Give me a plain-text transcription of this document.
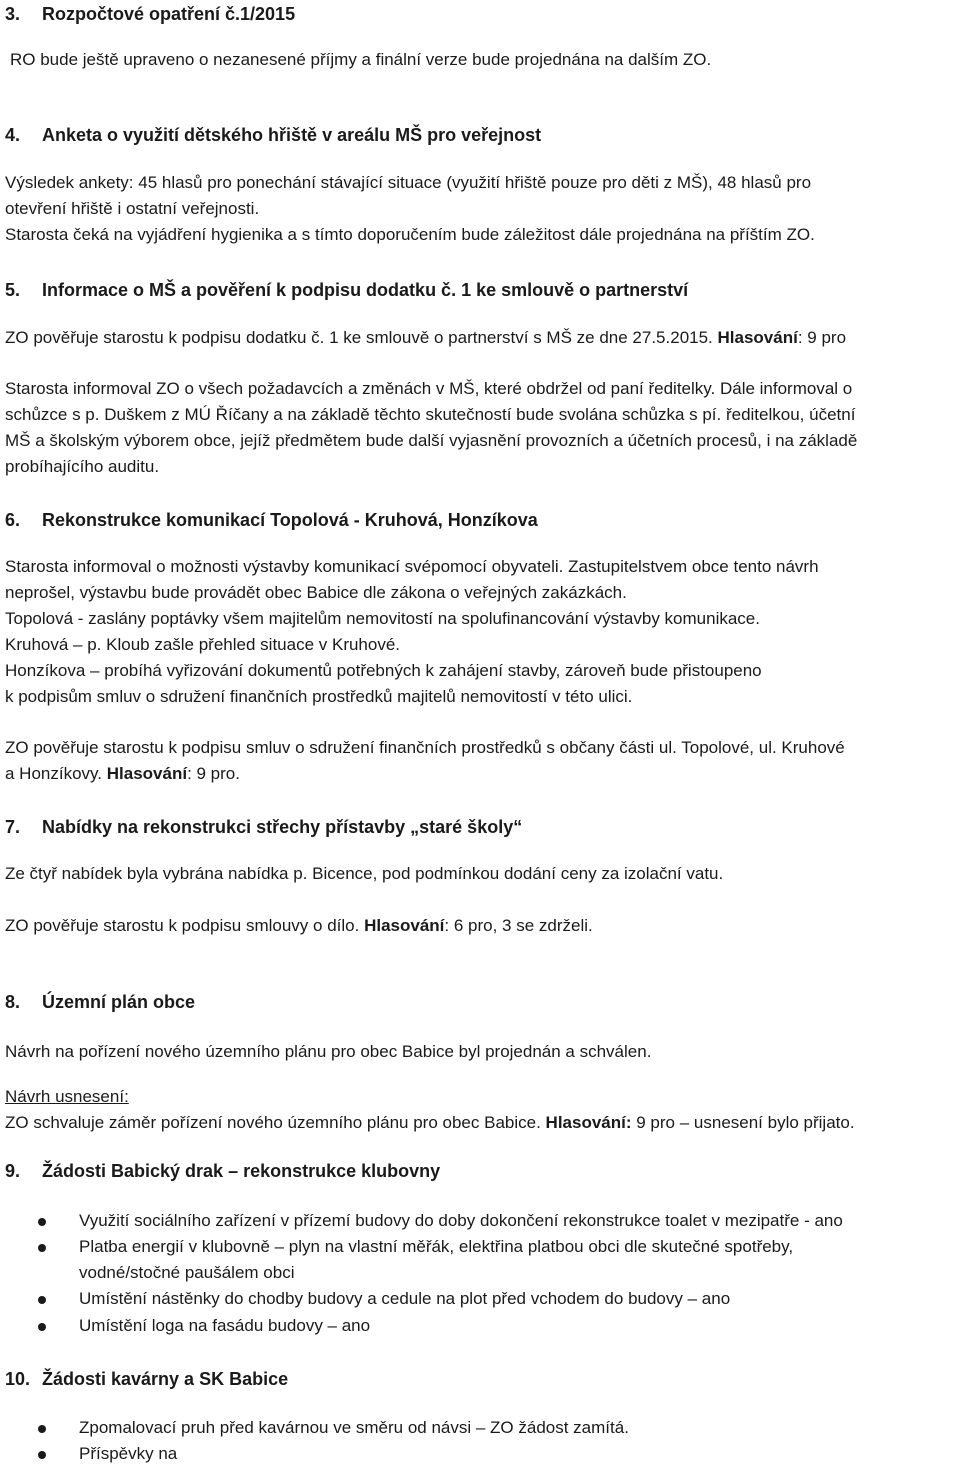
3. Rozpočtové opatření č.1/2015
RO bude ještě upraveno o nezanesené příjmy a finální verze bude projednána na dalším ZO.
4. Anketa o využití dětského hřiště v areálu MŠ pro veřejnost
Výsledek ankety: 45 hlasů pro ponechání stávající situace (využití hřiště pouze pro děti z MŠ), 48 hlasů pro
otevření hřiště i ostatní veřejnosti.
Starosta čeká na vyjádření hygienika a s tímto doporučením bude záležitost dále projednána na příštím ZO.
5. Informace o MŠ a pověření k podpisu dodatku č. 1 ke smlouvě o partnerství
ZO pověřuje starostu k podpisu dodatku č. 1 ke smlouvě o partnerství s MŠ ze dne 27.5.2015. Hlasování: 9 pro
Starosta informoval ZO o všech požadavcích a změnách v MŠ, které obdržel od paní ředitelky. Dále informoval o
schůzce s p. Duškem z MÚ Říčany a na základě těchto skutečností bude svolána schůzka s pí. ředitelkou, účetní
MŠ a školským výborem obce, jejíž předmětem bude další vyjasnění provozních a účetních procesů, i na základě
probíhajícího auditu.
6. Rekonstrukce komunikací Topolová - Kruhová, Honzíkova
Starosta informoval o možnosti výstavby komunikací svépomocí obyvateli. Zastupitelstvem obce tento návrh
neprošel, výstavbu bude provádět obec Babice dle zákona o veřejných zakázkách.
Topolová - zaslány poptávky všem majitelům nemovitostí na spolufinancování výstavby komunikace.
Kruhová – p. Kloub zašle přehled situace v Kruhové.
Honzíkova – probíhá vyřizování dokumentů potřebných k zahájení stavby, zároveň bude přistoupeno
k podpisům smluv o sdružení finančních prostředků majitelů nemovitostí v této ulici.
ZO pověřuje starostu k podpisu smluv o sdružení finančních prostředků s občany části ul. Topolové, ul. Kruhové
a Honzíkovy. Hlasování: 9 pro.
7. Nabídky na rekonstrukci střechy přístavby „staré školy“
Ze čtyř nabídek byla vybrána nabídka p. Bicence, pod podmínkou dodání ceny za izolační vatu.
ZO pověřuje starostu k podpisu smlouvy o dílo. Hlasování: 6 pro, 3 se zdrželi.
8. Územní plán obce
Návrh na pořízení nového územního plánu pro obec Babice byl projednán a schválen.
Návrh usnesení:
ZO schvaluje záměr pořízení nového územního plánu pro obec Babice. Hlasování: 9 pro – usnesení bylo přijato.
9. Žádosti Babický drak – rekonstrukce klubovny
Využití sociálního zařízení v přízemí budovy do doby dokončení rekonstrukce toalet v mezipatře - ano
Platba energií v klubovně – plyn na vlastní měřák, elektřina platbou obci dle skutečné spotřeby,
vodné/stočné paušálem obci
Umístění nástěnky do chodby budovy a cedule na plot před vchodem do budovy – ano
Umístění loga na fasádu budovy – ano
10. Žádosti kavárny a SK Babice
Zpomalovací pruh před kavárnou ve směru od návsi – ZO žádost zamítá.
Příspěvky na
